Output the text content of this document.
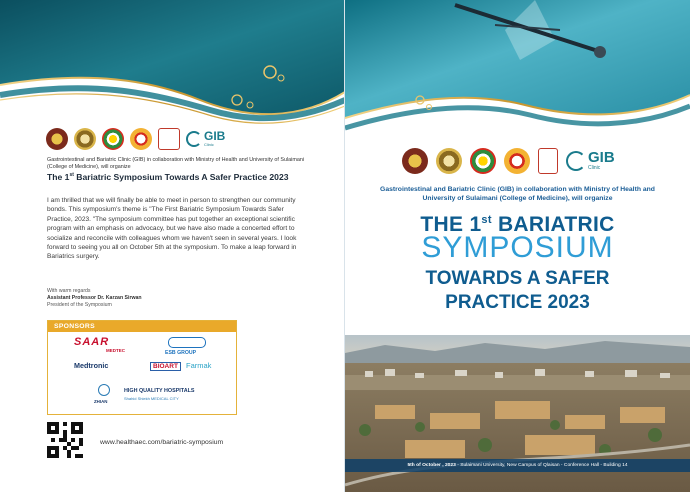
GIB
Clinic
Gastrointestinal and Bariatric Clinic (GIB) in collaboration with Ministry of Health and University of Sulaimani (College of Medicine), will organize
The 1st Bariatric Symposium Towards A Safer Practice 2023
I am thrilled that we will finally be able to meet in person to strengthen our community bonds. This symposium's theme is "The First Bariatric Symposium Towards Safer Practice, 2023. "The symposium committee has put together an exceptional scientific program with an emphasis on advocacy, but we have also made a concerted effort to socialize and reconcile with colleagues whom we haven't seen in several years. I look forward to seeing you all on October 5th at the symposium. To make a leap forward in Bariatrics surgery.
With warm regards
Assistant Professor Dr. Karzan Sirwan
President of the Symposium
SPONSORS
SAAR
MEDTEC	ESB GROUP
Medtronic	BIOART	Farmak
ZHIAN
HIGH QUALITY HOSPITALS
Shahid Shiekh MEDICAL CITY
www.healthaec.com/bariatric-symposium
GIB
Clinic
Gastrointestinal and Bariatric Clinic (GIB) in collaboration with Ministry of Health and University of Sulaimani (College of Medicine), will organize
THE 1st BARIATRIC
SYMPOSIUM
TOWARDS A SAFER
PRACTICE 2023
5th of October , 2023 - Sulaimani University, New Campus of Qlaisan - Conference Hall - Building 14
